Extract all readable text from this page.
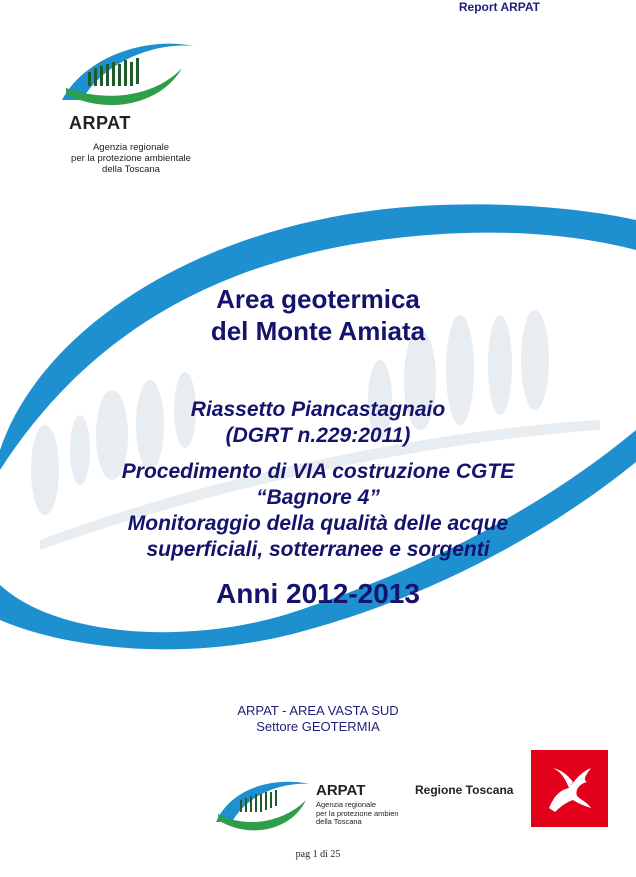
Report ARPAT
ARPAT
Agenzia regionale
per la protezione ambientale
della Toscana
Area geotermica
del Monte Amiata
Riassetto Piancastagnaio
(DGRT n.229:2011)
Procedimento di VIA costruzione CGTE
“Bagnore 4”
Monitoraggio della qualità delle acque
superficiali, sotterranee e sorgenti
Anni 2012-2013
ARPAT - AREA VASTA SUD
Settore GEOTERMIA
ARPAT
Agenzia regionale
per la protezione ambien
della Toscana
Regione Toscana
pag 1 di 25
